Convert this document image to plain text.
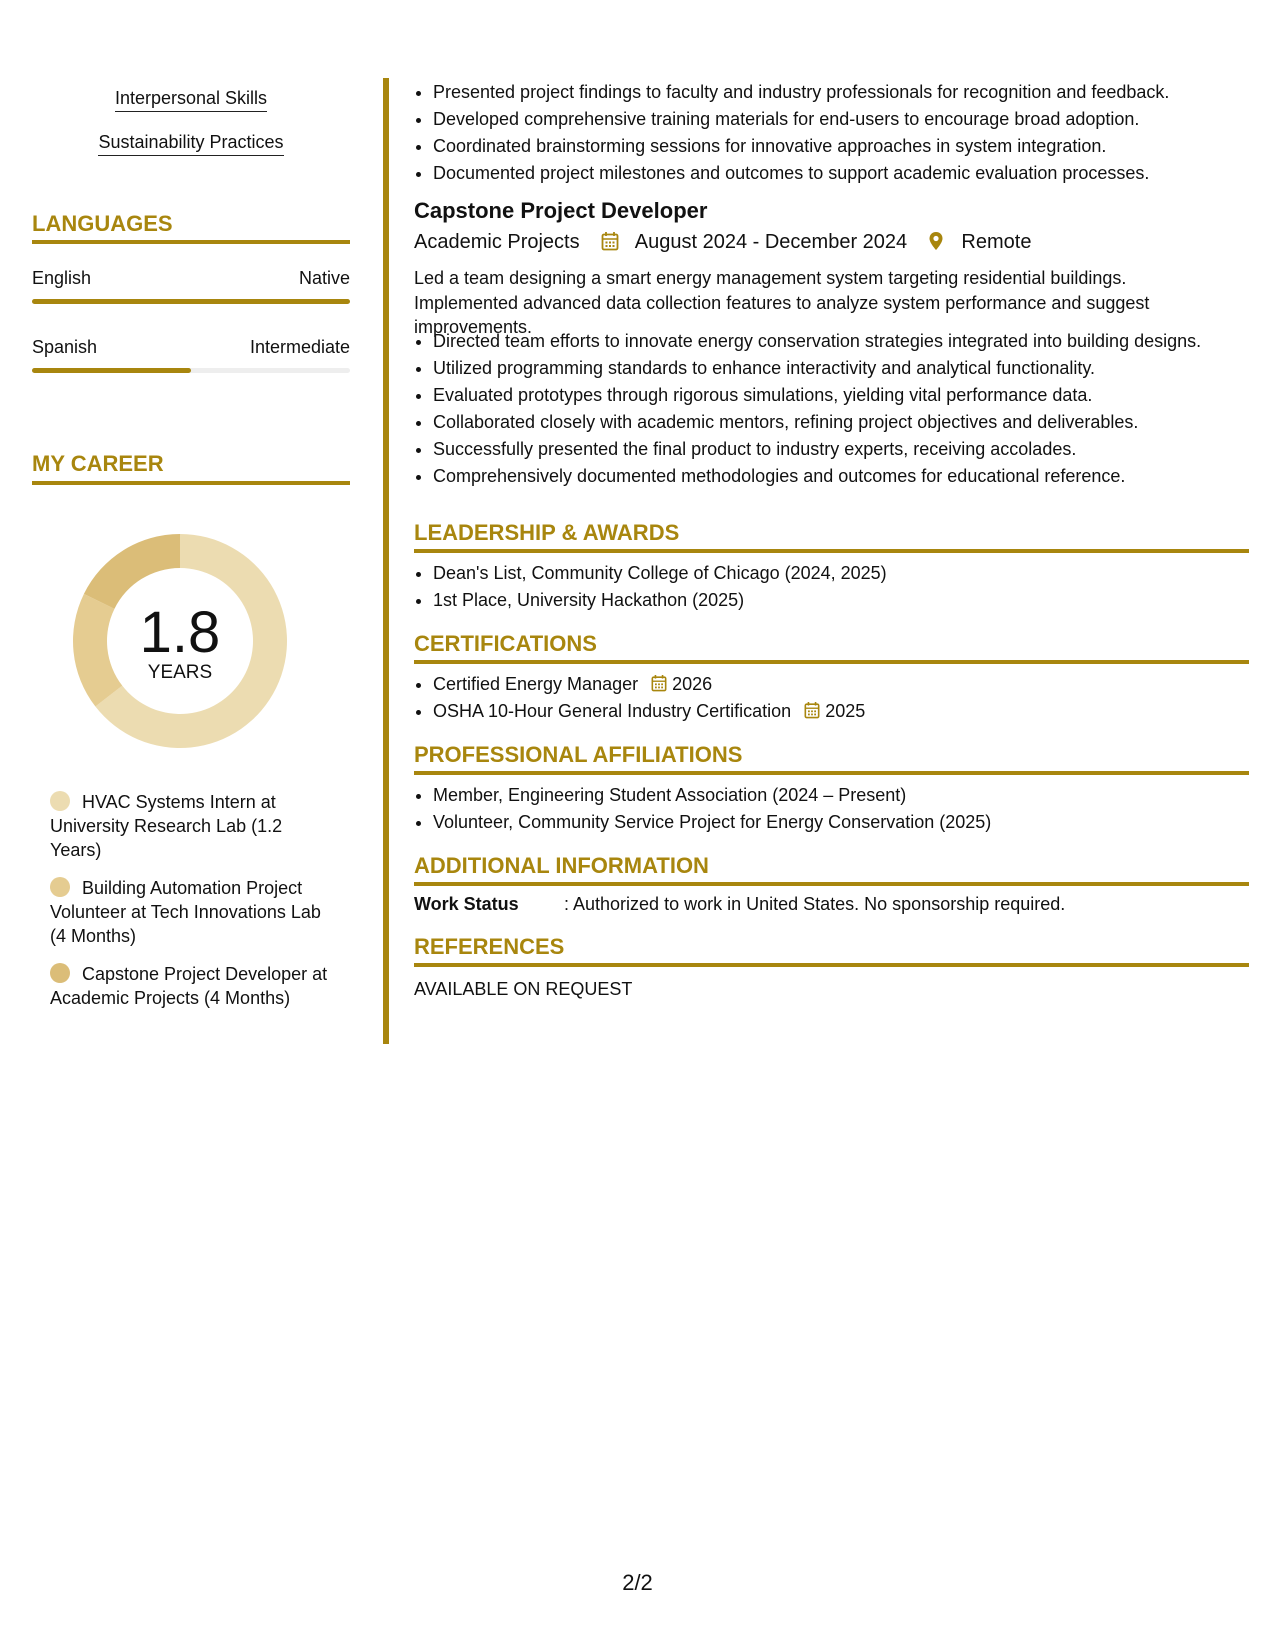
Interpersonal Skills
Sustainability Practices
LANGUAGES
English	Native
Spanish	Intermediate
MY CAREER
1.8
YEARS
HVAC Systems Intern at University Research Lab (1.2 Years)
Building Automation Project Volunteer at Tech Innovations Lab (4 Months)
Capstone Project Developer at Academic Projects (4 Months)
• Presented project findings to faculty and industry professionals for recognition and feedback.
• Developed comprehensive training materials for end-users to encourage broad adoption.
• Coordinated brainstorming sessions for innovative approaches in system integration.
• Documented project milestones and outcomes to support academic evaluation processes.
Capstone Project Developer
Academic Projects	August 2024 - December 2024	Remote
Led a team designing a smart energy management system targeting residential buildings. Implemented advanced data collection features to analyze system performance and suggest improvements.
• Directed team efforts to innovate energy conservation strategies integrated into building designs.
• Utilized programming standards to enhance interactivity and analytical functionality.
• Evaluated prototypes through rigorous simulations, yielding vital performance data.
• Collaborated closely with academic mentors, refining project objectives and deliverables.
• Successfully presented the final product to industry experts, receiving accolades.
• Comprehensively documented methodologies and outcomes for educational reference.
LEADERSHIP & AWARDS
• Dean's List, Community College of Chicago (2024, 2025)
• 1st Place, University Hackathon (2025)
CERTIFICATIONS
• Certified Energy Manager 2026
• OSHA 10-Hour General Industry Certification 2025
PROFESSIONAL AFFILIATIONS
• Member, Engineering Student Association (2024 – Present)
• Volunteer, Community Service Project for Energy Conservation (2025)
ADDITIONAL INFORMATION
Work Status	: Authorized to work in United States. No sponsorship required.
REFERENCES
AVAILABLE ON REQUEST
2/2
